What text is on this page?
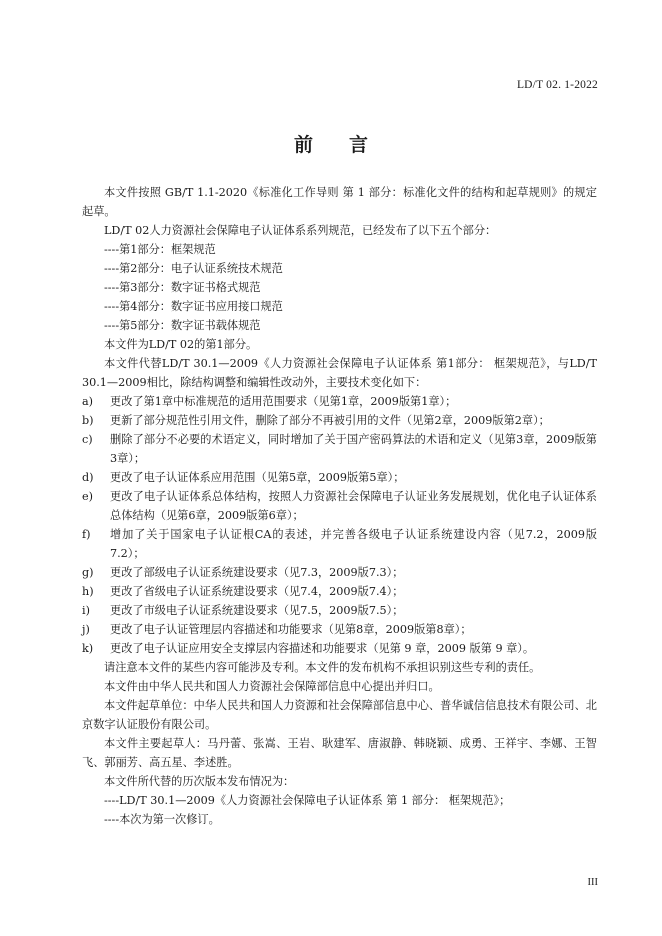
LD/T 02. 1-2022
前言

本文件按照 GB/T 1.1-2020《标准化工作导则 第 1 部分：标准化文件的结构和起草规则》的规定起草。

LD/T 02人力资源社会保障电子认证体系系列规范，已经发布了以下五个部分：

----第1部分：框架规范

----第2部分：电子认证系统技术规范

----第3部分：数字证书格式规范

----第4部分：数字证书应用接口规范

----第5部分：数字证书载体规范

本文件为LD/T 02的第1部分。

本文件代替LD/T 30.1—2009《人力资源社会保障电子认证体系 第1部分： 框架规范》，与LD/T 30.1—2009相比，除结构调整和编辑性改动外，主要技术变化如下：

a)	更改了第1章中标准规范的适用范围要求（见第1章，2009版第1章）；
b)	更新了部分规范性引用文件，删除了部分不再被引用的文件（见第2章，2009版第2章）；
c)	删除了部分不必要的术语定义，同时增加了关于国产密码算法的术语和定义（见第3章，2009版第3章）；
d)	更改了电子认证体系应用范围（见第5章，2009版第5章）；
e)	更改了电子认证体系总体结构，按照人力资源社会保障电子认证业务发展规划，优化电子认证体系总体结构（见第6章，2009版第6章）；
f)	增加了关于国家电子认证根CA的表述，并完善各级电子认证系统建设内容（见7.2，2009版7.2）；
g)	更改了部级电子认证系统建设要求（见7.3，2009版7.3）；
h)	更改了省级电子认证系统建设要求（见7.4，2009版7.4）；
i)	更改了市级电子认证系统建设要求（见7.5，2009版7.5）；
j)	更改了电子认证管理层内容描述和功能要求（见第8章，2009版第8章）；
k)	更改了电子认证应用安全支撑层内容描述和功能要求（见第 9 章，2009 版第 9 章）。

请注意本文件的某些内容可能涉及专利。本文件的发布机构不承担识别这些专利的责任。

本文件由中华人民共和国人力资源社会保障部信息中心提出并归口。

本文件起草单位：中华人民共和国人力资源和社会保障部信息中心、普华诚信信息技术有限公司、北京数字认证股份有限公司。

本文件主要起草人：马丹蕾、张嵩、王岩、耿建军、唐淑静、韩晓颖、成勇、王祥宇、李娜、王智飞、郭丽芳、高五星、李述胜。

本文件所代替的历次版本发布情况为：

----LD/T 30.1—2009《人力资源社会保障电子认证体系 第 1 部分： 框架规范》；

----本次为第一次修订。

III
